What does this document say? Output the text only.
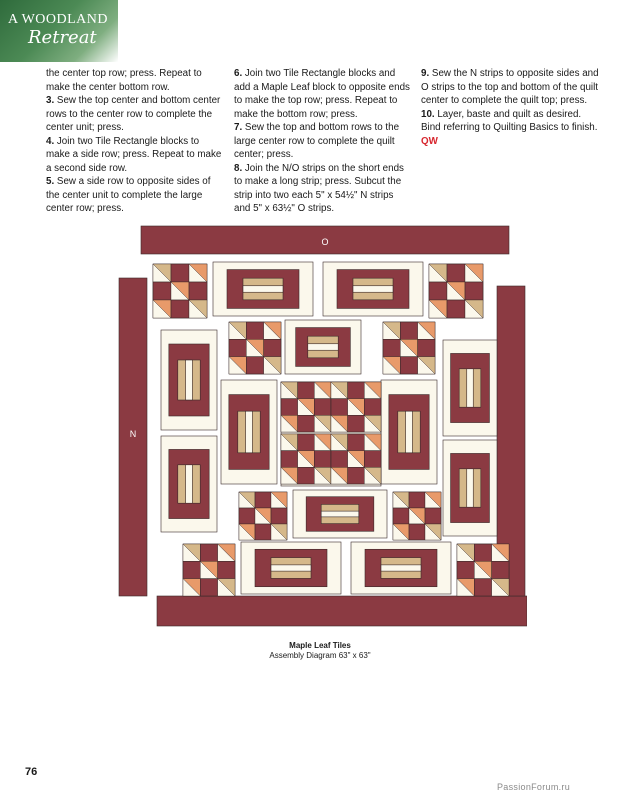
A WOODLAND
Retreat

the center top row; press. Repeat to make the center bottom row.

3. Sew the top center and bottom center rows to the center row to complete the center unit; press.

4. Join two Tile Rectangle blocks to make a side row; press. Repeat to make a second side row.

5. Sew a side row to opposite sides of the center unit to complete the large center row; press.

6. Join two Tile Rectangle blocks and add a Maple Leaf block to opposite ends to make the top row; press. Repeat to make the bottom row; press.

7. Sew the top and bottom rows to the large center row to complete the quilt center; press.

8. Join the N/O strips on the short ends to make a long strip; press. Subcut the strip into two each 5" x 54½" N strips and 5" x 63½" O strips.

9. Sew the N strips to opposite sides and O strips to the top and bottom of the quilt center to complete the quilt top; press.

10. Layer, baste and quilt as desired. Bind referring to Quilting Basics to finish. QW

O
N
Maple Leaf Tiles
Assembly Diagram 63" x 63"
76
PassionForum.ru
